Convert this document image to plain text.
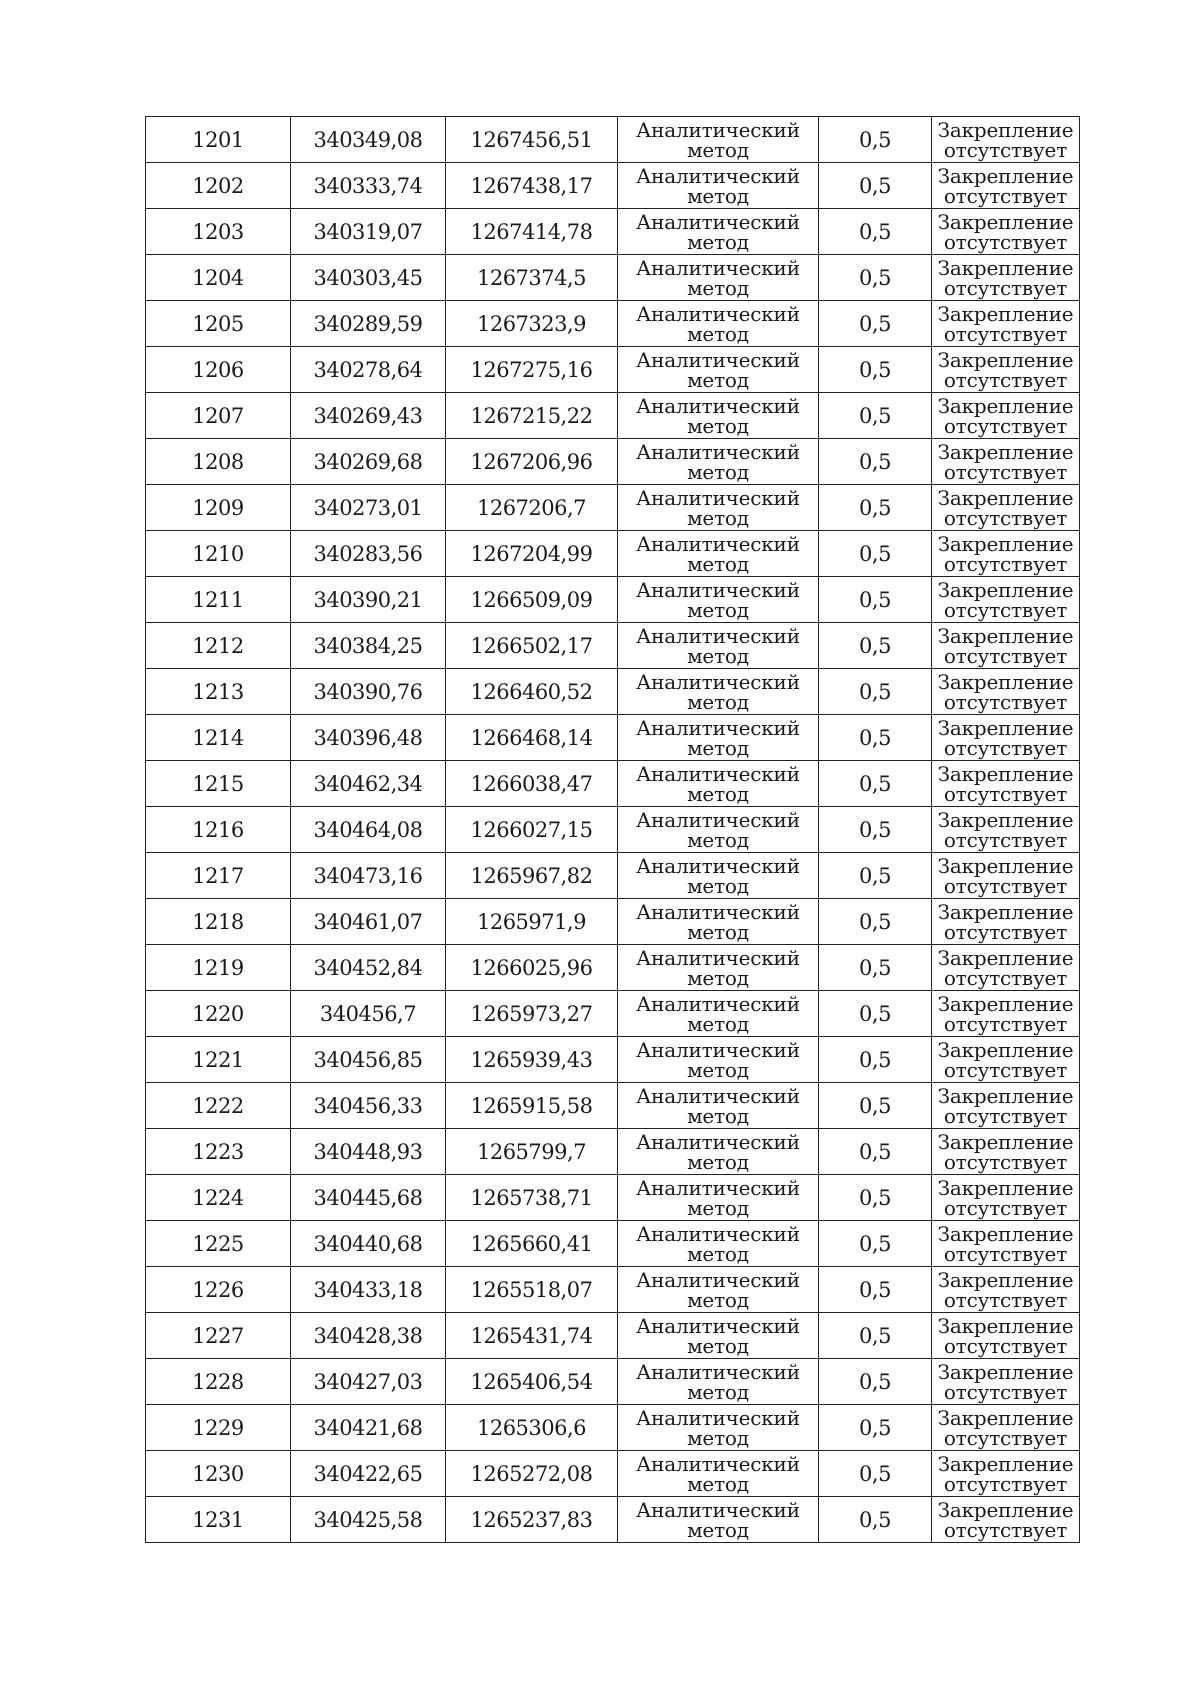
1201	340349,08	1267456,51	Аналитический
метод	0,5	Закрепление
отсутствует

1202	340333,74	1267438,17	Аналитический
метод	0,5	Закрепление
отсутствует

1203	340319,07	1267414,78	Аналитический
метод	0,5	Закрепление
отсутствует

1204	340303,45	1267374,5	Аналитический
метод	0,5	Закрепление
отсутствует

1205	340289,59	1267323,9	Аналитический
метод	0,5	Закрепление
отсутствует

1206	340278,64	1267275,16	Аналитический
метод	0,5	Закрепление
отсутствует

1207	340269,43	1267215,22	Аналитический
метод	0,5	Закрепление
отсутствует

1208	340269,68	1267206,96	Аналитический
метод	0,5	Закрепление
отсутствует

1209	340273,01	1267206,7	Аналитический
метод	0,5	Закрепление
отсутствует

1210	340283,56	1267204,99	Аналитический
метод	0,5	Закрепление
отсутствует

1211	340390,21	1266509,09	Аналитический
метод	0,5	Закрепление
отсутствует

1212	340384,25	1266502,17	Аналитический
метод	0,5	Закрепление
отсутствует

1213	340390,76	1266460,52	Аналитический
метод	0,5	Закрепление
отсутствует

1214	340396,48	1266468,14	Аналитический
метод	0,5	Закрепление
отсутствует

1215	340462,34	1266038,47	Аналитический
метод	0,5	Закрепление
отсутствует

1216	340464,08	1266027,15	Аналитический
метод	0,5	Закрепление
отсутствует

1217	340473,16	1265967,82	Аналитический
метод	0,5	Закрепление
отсутствует

1218	340461,07	1265971,9	Аналитический
метод	0,5	Закрепление
отсутствует

1219	340452,84	1266025,96	Аналитический
метод	0,5	Закрепление
отсутствует

1220	340456,7	1265973,27	Аналитический
метод	0,5	Закрепление
отсутствует

1221	340456,85	1265939,43	Аналитический
метод	0,5	Закрепление
отсутствует

1222	340456,33	1265915,58	Аналитический
метод	0,5	Закрепление
отсутствует

1223	340448,93	1265799,7	Аналитический
метод	0,5	Закрепление
отсутствует

1224	340445,68	1265738,71	Аналитический
метод	0,5	Закрепление
отсутствует

1225	340440,68	1265660,41	Аналитический
метод	0,5	Закрепление
отсутствует

1226	340433,18	1265518,07	Аналитический
метод	0,5	Закрепление
отсутствует

1227	340428,38	1265431,74	Аналитический
метод	0,5	Закрепление
отсутствует

1228	340427,03	1265406,54	Аналитический
метод	0,5	Закрепление
отсутствует

1229	340421,68	1265306,6	Аналитический
метод	0,5	Закрепление
отсутствует

1230	340422,65	1265272,08	Аналитический
метод	0,5	Закрепление
отсутствует

1231	340425,58	1265237,83	Аналитический
метод	0,5	Закрепление
отсутствует
